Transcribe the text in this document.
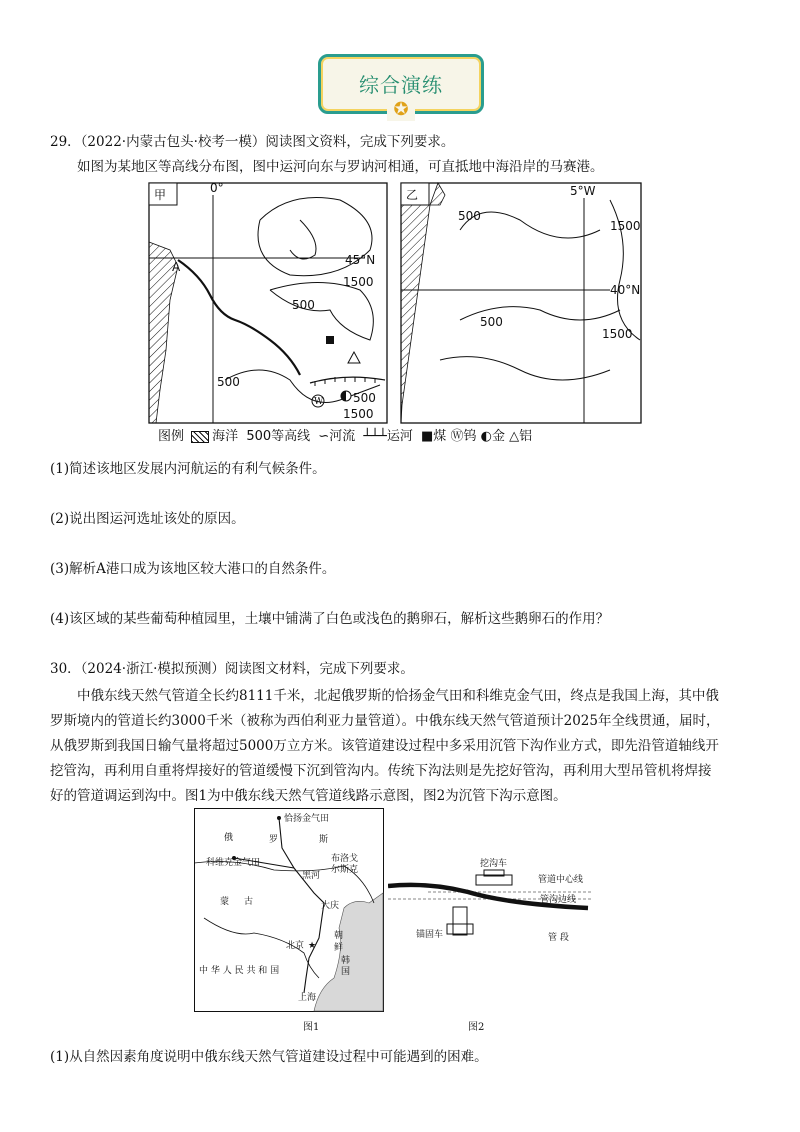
综合演练
✪
29．（2022·内蒙古包头·校考一模）阅读图文资料，完成下列要求。
如图为某地区等高线分布图，图中运河向东与罗讷河相通，可直抵地中海沿岸的马赛港。
甲	0°
45°N
A
1500
500
500
500
1500
W
乙	5°W
40°N
500
1500
500
1500
图例 海洋 500等高线 ∽河流 ┴┴┴运河 ■煤 Ⓦ钨 ◐金 △铝
(1)简述该地区发展内河航运的有利气候条件。
(2)说出图运河选址该处的原因。
(3)解析A港口成为该地区较大港口的自然条件。
(4)该区域的某些葡萄种植园里，土壤中铺满了白色或浅色的鹅卵石，解析这些鹅卵石的作用？
30．（2024·浙江·模拟预测）阅读图文材料，完成下列要求。
中俄东线天然气管道全长约8111千米，北起俄罗斯的恰扬金气田和科维克金气田，终点是我国上海，其中俄
罗斯境内的管道长约3000千米（被称为西伯利亚力量管道）。中俄东线天然气管道预计2025年全线贯通，届时，
从俄罗斯到我国日输气量将超过5000万立方米。该管道建设过程中多采用沉管下沟作业方式，即先沿管道轴线开
挖管沟，再利用自重将焊接好的管道缓慢下沉到管沟内。传统下沟法则是先挖好管沟，再利用大型吊管机将焊接
好的管道调运到沟中。图1为中俄东线天然气管道线路示意图，图2为沉管下沟示意图。
恰扬金气田
俄	罗	斯
科维克金气田	布洛戈
尔斯克
黑河
蒙 古	大庆
北京 ★
中 华 人 民 共 和 国
朝
鲜
韩
国
上海
图1
挖沟车
管道中心线
管沟边线
锚固车	管 段
图2
(1)从自然因素角度说明中俄东线天然气管道建设过程中可能遇到的困难。
